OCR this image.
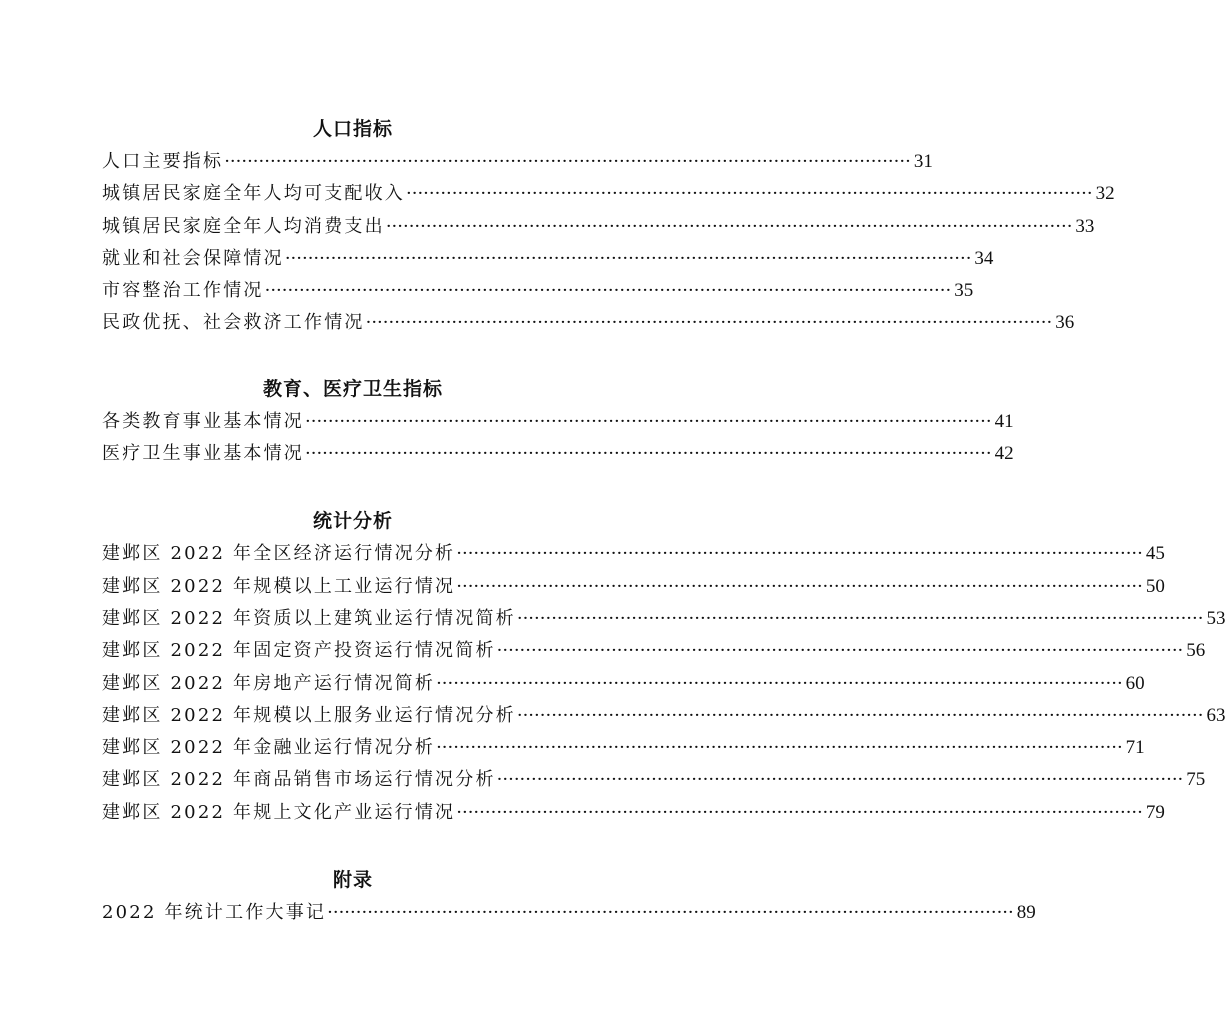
人口指标
人口主要指标 ························································································································ 31
城镇居民家庭全年人均可支配收入 ························································································································ 32
城镇居民家庭全年人均消费支出 ························································································································ 33
就业和社会保障情况 ························································································································ 34
市容整治工作情况 ························································································································ 35
民政优抚、社会救济工作情况 ························································································································ 36
教育、医疗卫生指标
各类教育事业基本情况 ························································································································ 41
医疗卫生事业基本情况 ························································································································ 42
统计分析
建邺区 2022 年全区经济运行情况分析 ························································································································ 45
建邺区 2022 年规模以上工业运行情况 ························································································································ 50
建邺区 2022 年资质以上建筑业运行情况简析 ························································································································ 53
建邺区 2022 年固定资产投资运行情况简析 ························································································································ 56
建邺区 2022 年房地产运行情况简析 ························································································································ 60
建邺区 2022 年规模以上服务业运行情况分析 ························································································································ 63
建邺区 2022 年金融业运行情况分析 ························································································································ 71
建邺区 2022 年商品销售市场运行情况分析 ························································································································ 75
建邺区 2022 年规上文化产业运行情况 ························································································································ 79
附录
2022 年统计工作大事记 ························································································································ 89
